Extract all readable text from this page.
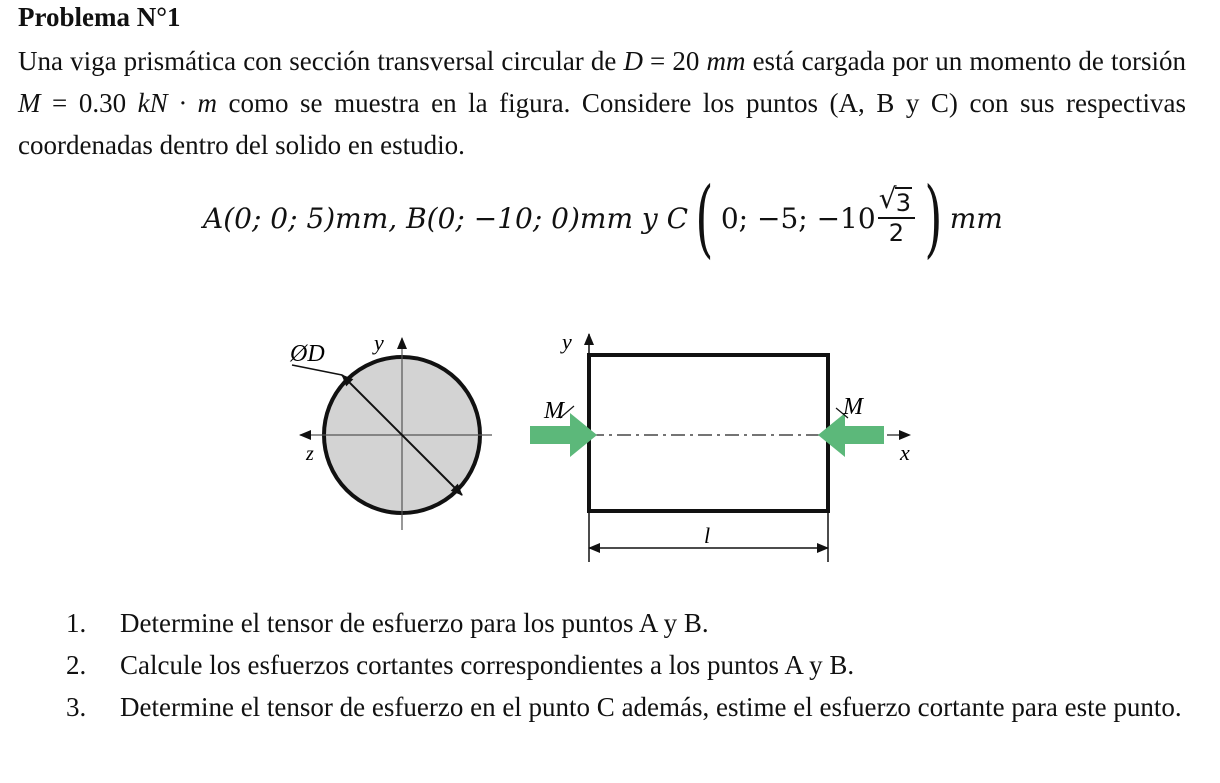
Problema N°1
Una viga prismática con sección transversal circular de D = 20 mm está cargada por un momento de torsión M = 0.30 kN · m como se muestra en la figura. Considere los puntos (A, B y C) con sus respectivas coordenadas dentro del solido en estudio.
A(0; 0; 5)mm, B(0; −10; 0)mm y C ( 0; −5; $-10 \frac{√ 3}{2}$ ) mm
ØD y
z
y
x
M	M
l
1.	Determine el tensor de esfuerzo para los puntos A y B.
2.	Calcule los esfuerzos cortantes correspondientes a los puntos A y B.
3.	Determine el tensor de esfuerzo en el punto C además, estime el esfuerzo cortante para este punto.
